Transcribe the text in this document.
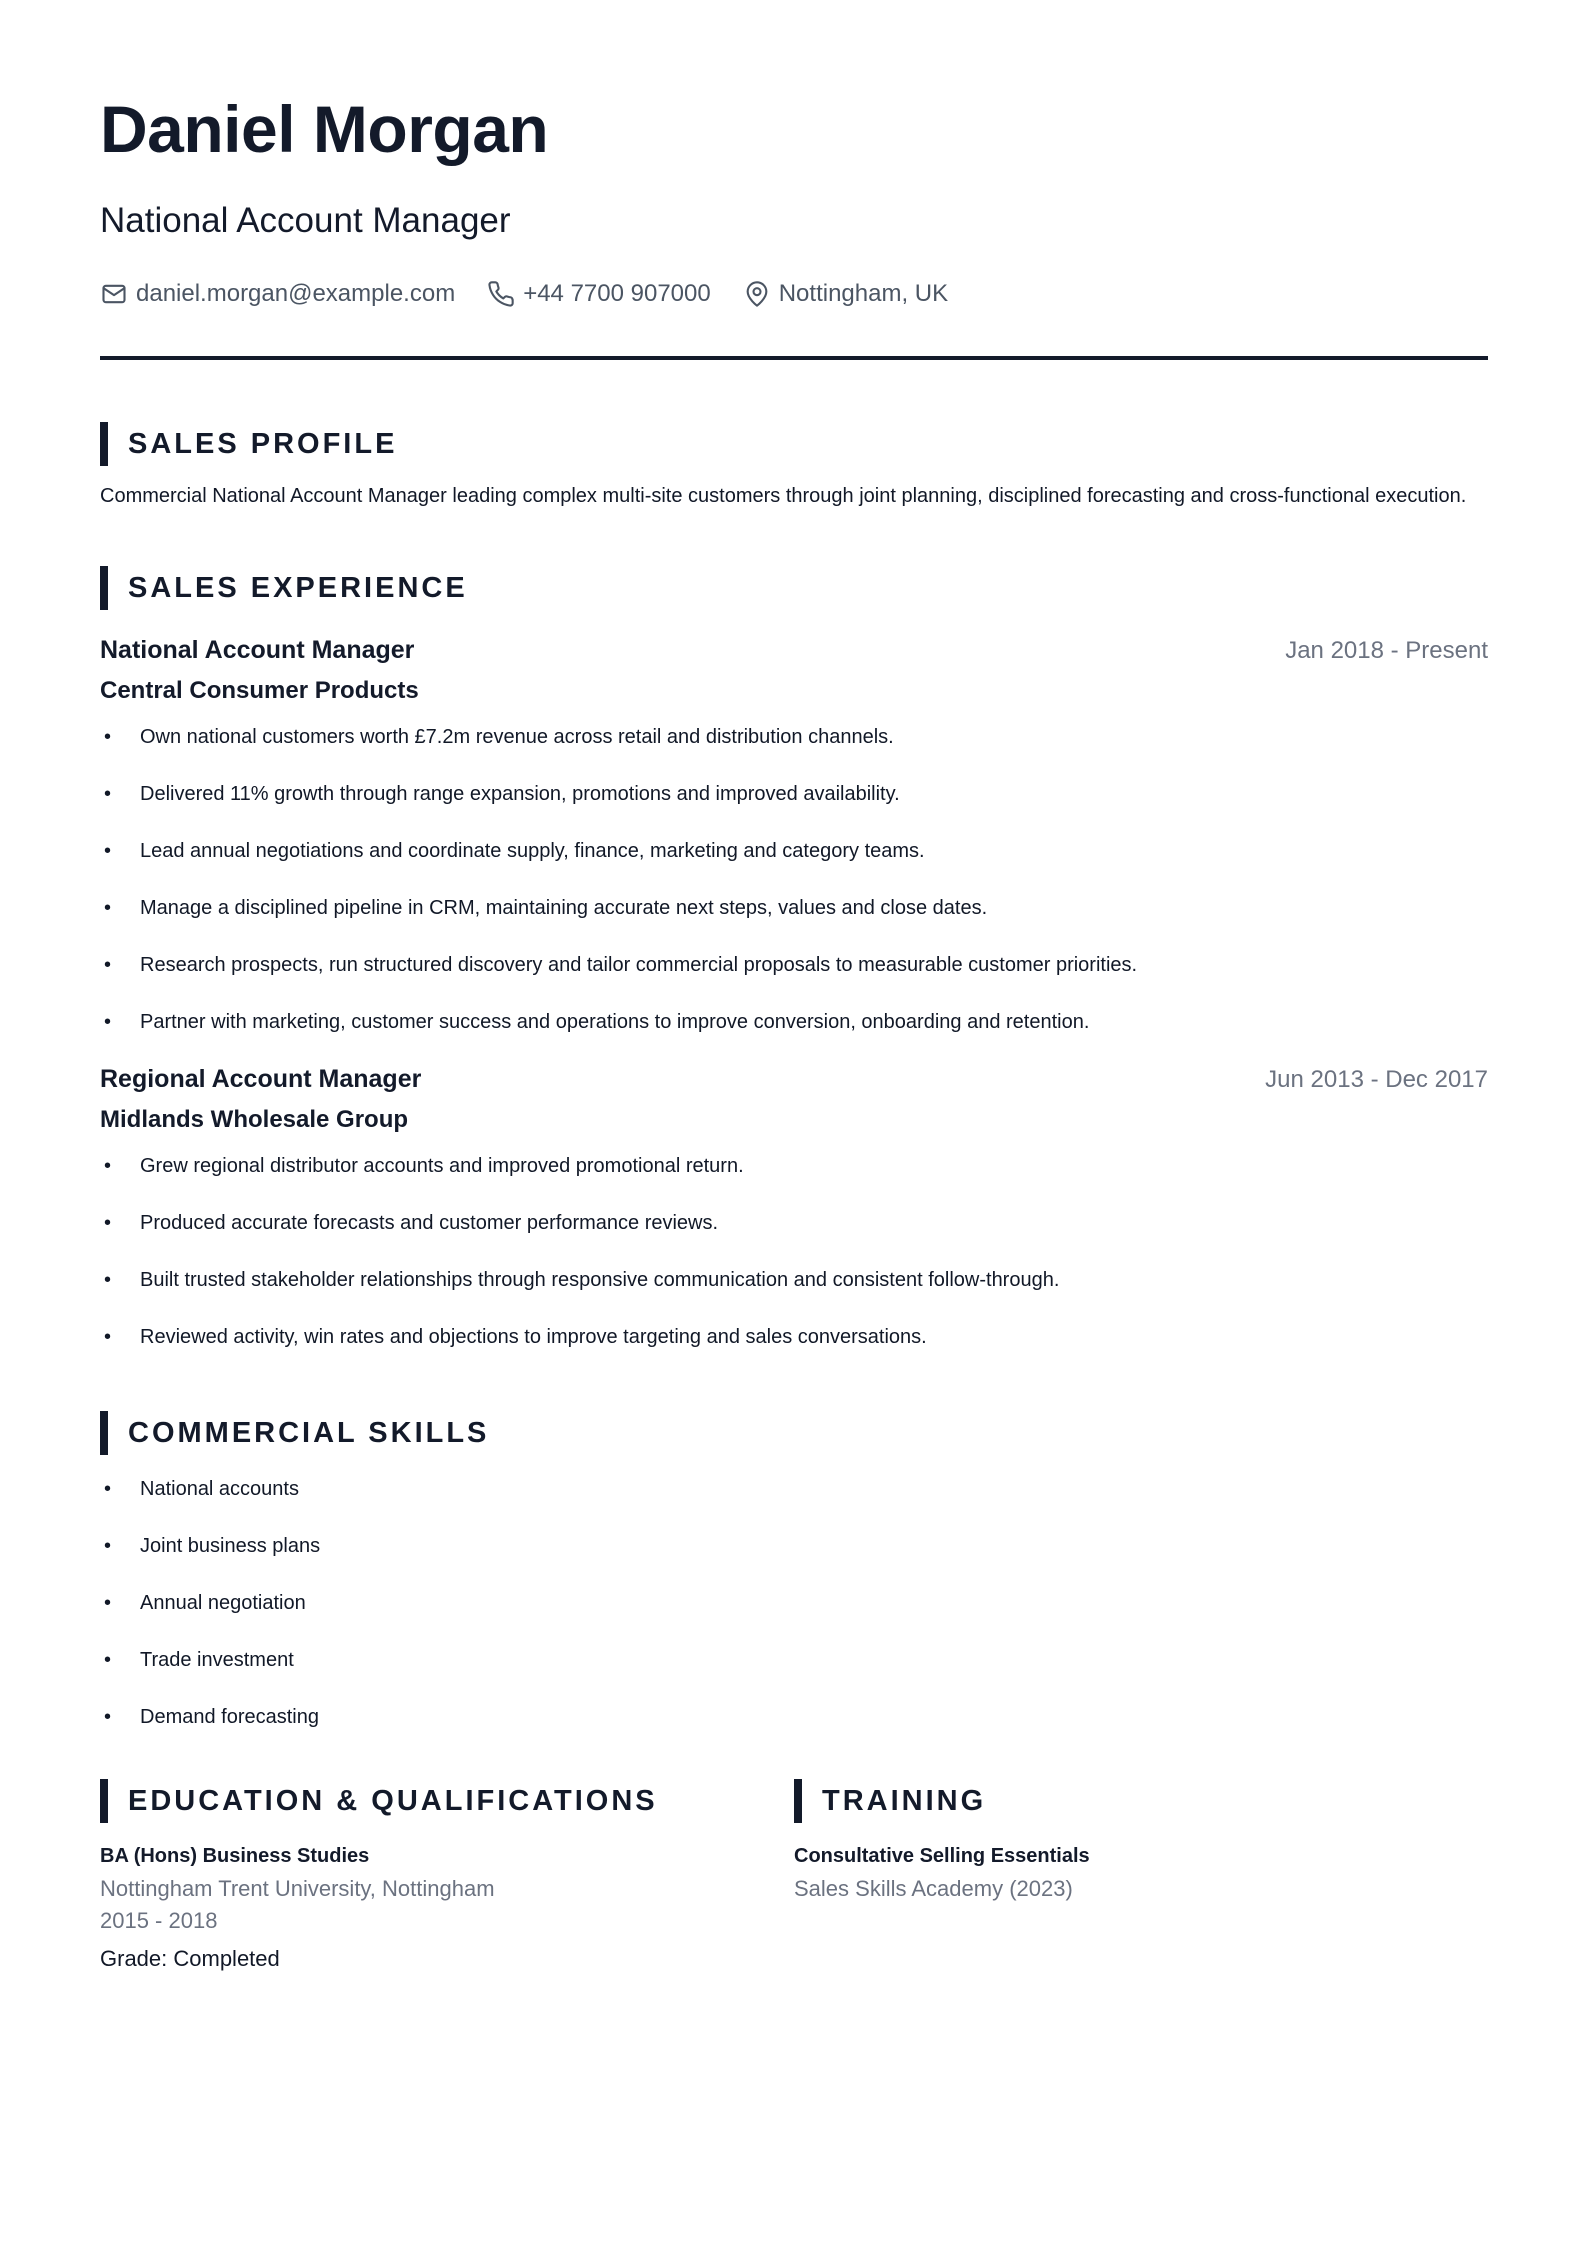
Daniel Morgan
National Account Manager
daniel.morgan@example.com	+44 7700 907000	Nottingham, UK
SALES PROFILE
Commercial National Account Manager leading complex multi-site customers through joint planning, disciplined forecasting and cross-functional execution.
SALES EXPERIENCE
National Account Manager	Jan 2018 - Present
Central Consumer Products
• Own national customers worth £7.2m revenue across retail and distribution channels.
• Delivered 11% growth through range expansion, promotions and improved availability.
• Lead annual negotiations and coordinate supply, finance, marketing and category teams.
• Manage a disciplined pipeline in CRM, maintaining accurate next steps, values and close dates.
• Research prospects, run structured discovery and tailor commercial proposals to measurable customer priorities.
• Partner with marketing, customer success and operations to improve conversion, onboarding and retention.
Regional Account Manager	Jun 2013 - Dec 2017
Midlands Wholesale Group
• Grew regional distributor accounts and improved promotional return.
• Produced accurate forecasts and customer performance reviews.
• Built trusted stakeholder relationships through responsive communication and consistent follow-through.
• Reviewed activity, win rates and objections to improve targeting and sales conversations.
COMMERCIAL SKILLS
• National accounts
• Joint business plans
• Annual negotiation
• Trade investment
• Demand forecasting
EDUCATION & QUALIFICATIONS
BA (Hons) Business Studies
Nottingham Trent University, Nottingham
2015 - 2018
Grade: Completed
TRAINING
Consultative Selling Essentials
Sales Skills Academy (2023)
